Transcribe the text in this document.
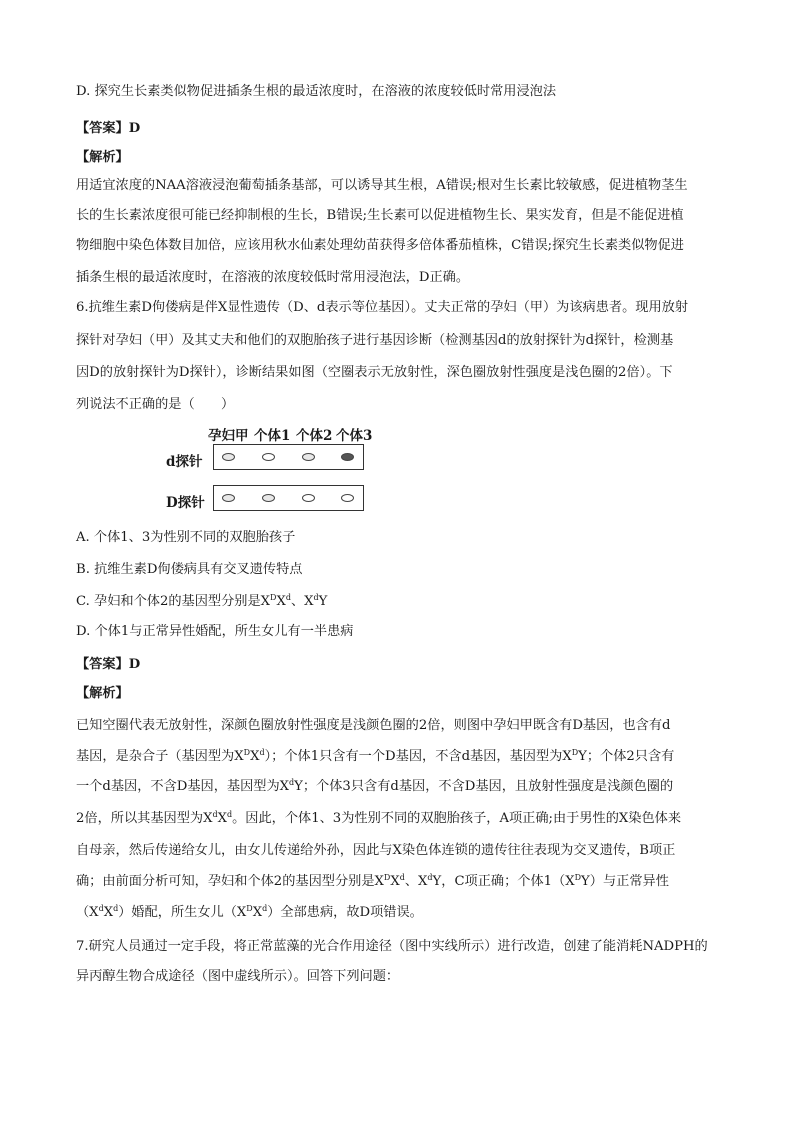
D. 探究生长素类似物促进插条生根的最适浓度时，在溶液的浓度较低时常用浸泡法
【答案】D
【解析】
用适宜浓度的NAA溶液浸泡葡萄插条基部，可以诱导其生根，A错误;根对生长素比较敏感，促进植物茎生
长的生长素浓度很可能已经抑制根的生长，B错误;生长素可以促进植物生长、果实发育，但是不能促进植
物细胞中染色体数目加倍，应该用秋水仙素处理幼苗获得多倍体番茄植株，C错误;探究生长素类似物促进
插条生根的最适浓度时，在溶液的浓度较低时常用浸泡法，D正确。
6.抗维生素D佝偻病是伴X显性遗传（D、d表示等位基因）。丈夫正常的孕妇（甲）为该病患者。现用放射
探针对孕妇（甲）及其丈夫和他们的双胞胎孩子进行基因诊断（检测基因d的放射探针为d探针，检测基
因D的放射探针为D探针），诊断结果如图（空圈表示无放射性，深色圈放射性强度是浅色圈的2倍）。下
列说法不正确的是（　　）
孕妇甲 个体1 个体2 个体3
d探针
D探针
A. 个体1、3为性别不同的双胞胎孩子
B. 抗维生素D佝偻病具有交叉遗传特点
C. 孕妇和个体2的基因型分别是$X^DX^d$、$X^dY$
D. 个体1与正常异性婚配，所生女儿有一半患病
【答案】D
【解析】
已知空圈代表无放射性，深颜色圈放射性强度是浅颜色圈的2倍，则图中孕妇甲既含有D基因，也含有d
基因，是杂合子（基因型为$X^DX^d$）；个体1只含有一个D基因，不含d基因，基因型为$X^DY$；个体2只含有
一个d基因，不含D基因，基因型为$X^dY$；个体3只含有d基因，不含D基因，且放射性强度是浅颜色圈的
2倍，所以其基因型为$X^dX^d$。因此，个体1、3为性别不同的双胞胎孩子，A项正确;由于男性的X染色体来
自母亲，然后传递给女儿，由女儿传递给外孙，因此与X染色体连锁的遗传往往表现为交叉遗传，B项正
确；由前面分析可知，孕妇和个体2的基因型分别是$X^DX^d$、$X^dY$，C项正确；个体$1(X^DY)$与正常异性
$(X^dX^d)$婚配，所生女儿$(X^DX^d)$全部患病，故D项错误。
7.研究人员通过一定手段，将正常蓝藻的光合作用途径（图中实线所示）进行改造，创建了能消耗NADPH的
异丙醇生物合成途径（图中虚线所示）。回答下列问题：
